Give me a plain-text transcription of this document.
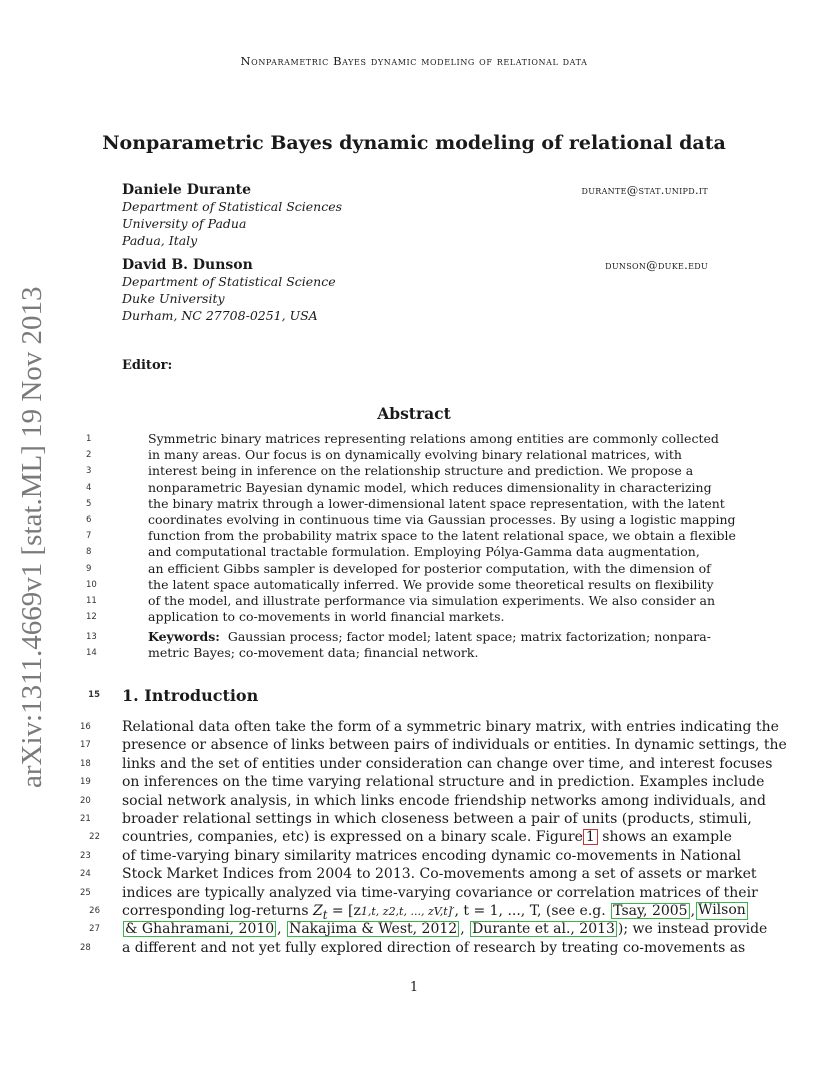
Nonparametric Bayes dynamic modeling of relational data
arXiv:1311.4669v1 [stat.ML] 19 Nov 2013
Nonparametric Bayes dynamic modeling of relational data
Daniele Durante	durante@stat.unipd.it
Department of Statistical Sciences
University of Padua
Padua, Italy
David B. Dunson	dunson@duke.edu
Department of Statistical Science
Duke University
Durham, NC 27708-0251, USA
Editor:
Abstract
1	Symmetric binary matrices representing relations among entities are commonly collected
2	in many areas. Our focus is on dynamically evolving binary relational matrices, with
3	interest being in inference on the relationship structure and prediction. We propose a
4	nonparametric Bayesian dynamic model, which reduces dimensionality in characterizing
5	the binary matrix through a lower-dimensional latent space representation, with the latent
6	coordinates evolving in continuous time via Gaussian processes. By using a logistic mapping
7	function from the probability matrix space to the latent relational space, we obtain a flexible
8	and computational tractable formulation. Employing Pólya-Gamma data augmentation,
9	an efficient Gibbs sampler is developed for posterior computation, with the dimension of
10	the latent space automatically inferred. We provide some theoretical results on flexibility
11	of the model, and illustrate performance via simulation experiments. We also consider an
12	application to co-movements in world financial markets.
13	Keywords: Gaussian process; factor model; latent space; matrix factorization; nonpara-
14	metric Bayes; co-movement data; financial network.
15 1. Introduction
16	Relational data often take the form of a symmetric binary matrix, with entries indicating the
17	presence or absence of links between pairs of individuals or entities. In dynamic settings, the
18	links and the set of entities under consideration can change over time, and interest focuses
19	on inferences on the time varying relational structure and in prediction. Examples include
20	social network analysis, in which links encode friendship networks among individuals, and
21	broader relational settings in which closeness between a pair of units (products, stimuli,
22 countries, companies, etc) is expressed on a binary scale. Figure 1 shows an example
23	of time-varying binary similarity matrices encoding dynamic co-movements in National
24	Stock Market Indices from 2004 to 2013. Co-movements among a set of assets or market
25	indices are typically analyzed via time-varying covariance or correlation matrices of their
26 corresponding log-returns $Z_t = [z1,t$, z2,t, ..., zV,t]′, t = 1, ..., T, (see e.g. Tsay, 2005 , Wilson
27 & Ghahramani, 2010 , Nakajima & West, 2012 , Durante et al., 2013 ); we instead provide
28	a different and not yet fully explored direction of research by treating co-movements as
1
